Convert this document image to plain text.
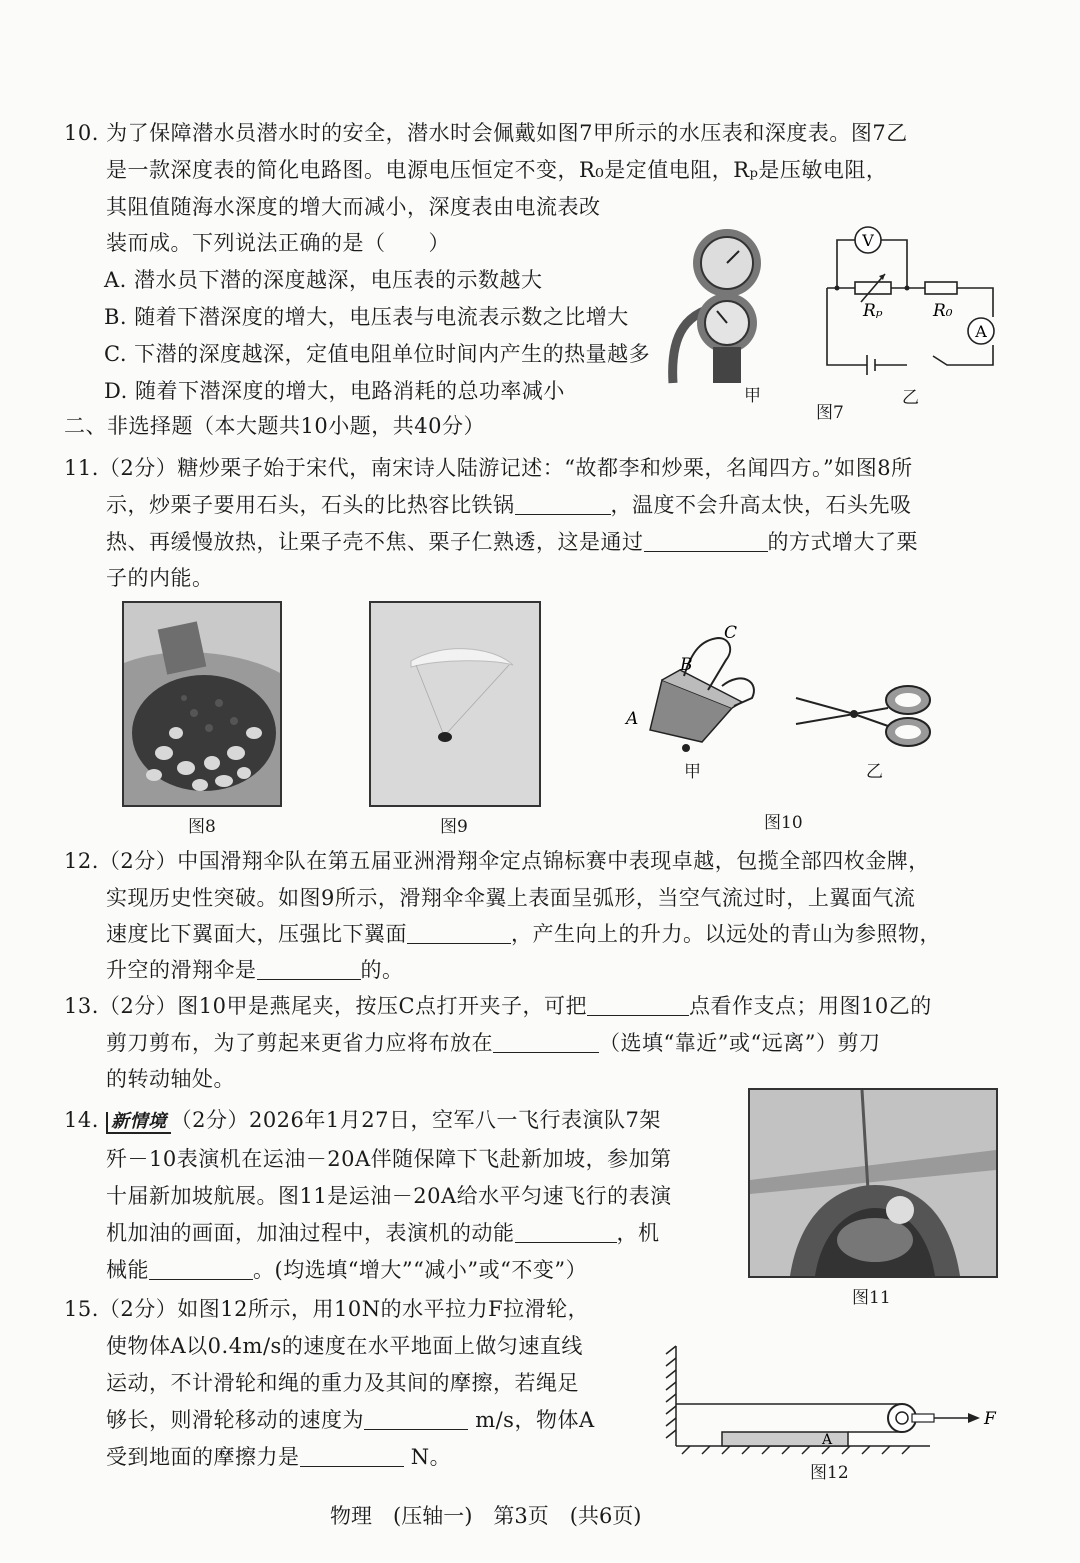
10. 为了保障潜水员潜水时的安全，潜水时会佩戴如图7甲所示的水压表和深度表。图7乙
是一款深度表的简化电路图。电源电压恒定不变，R₀是定值电阻，Rₚ是压敏电阻，
其阻值随海水深度的增大而减小，深度表由电流表改
装而成。下列说法正确的是（　　）
A. 潜水员下潜的深度越深，电压表的示数越大
B. 随着下潜深度的增大，电压表与电流表示数之比增大
C. 下潜的深度越深，定值电阻单位时间内产生的热量越多
D. 随着下潜深度的增大，电路消耗的总功率减小	甲
V
A
Rₚ	R₀
乙
图7
二、非选择题（本大题共10小题，共40分）
11.（2分）糖炒栗子始于宋代，南宋诗人陆游记述：“故都李和炒栗，名闻四方。”如图8所
示，炒栗子要用石头，石头的比热容比铁锅	，温度不会升高太快，石头先吸
热、再缓慢放热，让栗子壳不焦、栗子仁熟透，这是通过	的方式增大了栗
子的内能。
图8	图9
A
B
C
甲	乙
图10
12.（2分）中国滑翔伞队在第五届亚洲滑翔伞定点锦标赛中表现卓越，包揽全部四枚金牌，
实现历史性突破。如图9所示，滑翔伞伞翼上表面呈弧形，当空气流过时，上翼面气流
速度比下翼面大，压强比下翼面	，产生向上的升力。以远处的青山为参照物，
升空的滑翔伞是	的。
13.（2分）图10甲是燕尾夹，按压C点打开夹子，可把	点看作支点；用图10乙的
剪刀剪布，为了剪起来更省力应将布放在	（选填“靠近”或“远离”）剪刀
的转动轴处。
14. 新情境 （2分）2026年1月27日，空军八一飞行表演队7架
歼－10表演机在运油－20A伴随保障下飞赴新加坡，参加第
十届新加坡航展。图11是运油－20A给水平匀速飞行的表演
机加油的画面，加油过程中，表演机的动能	，机
械能	。(均选填“增大”“减小”或“不变”）
图11
15.（2分）如图12所示，用10N的水平拉力F拉滑轮，
使物体A以0.4m/s的速度在水平地面上做匀速直线
运动，不计滑轮和绳的重力及其间的摩擦，若绳足
够长，则滑轮移动的速度为	m/s，物体A
受到地面的摩擦力是	N。
A
F
图12
物理　(压轴一)　第3页　(共6页)
